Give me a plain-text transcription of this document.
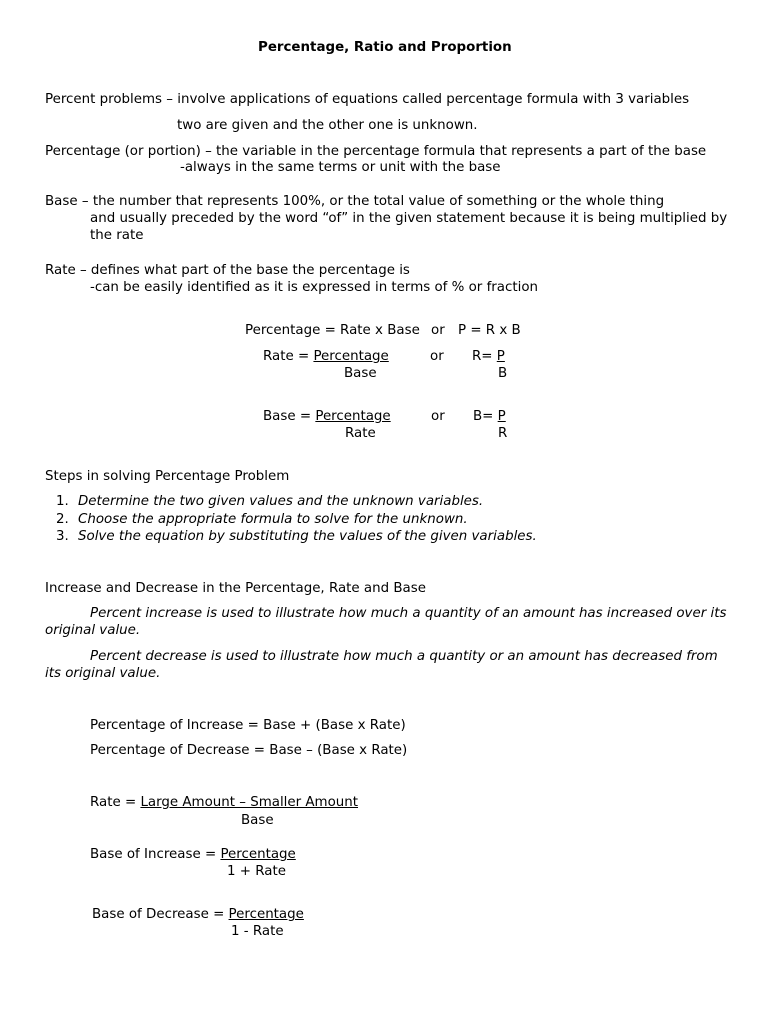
Percentage, Ratio and Proportion
Percent problems – involve applications of equations called percentage formula with 3 variables
two are given and the other one is unknown.
Percentage (or portion) – the variable in the percentage formula that represents a part of the base
-always in the same terms or unit with the base
Base – the number that represents 100%, or the total value of something or the whole thing
and usually preceded by the word “of” in the given statement because it is being multiplied by
the rate
Rate – defines what part of the base the percentage is
-can be easily identified as it is expressed in terms of % or fraction
Percentage = Rate x Base or P = R x B
Rate = Percentage
Base
or R= P
B
Base = Percentage
Rate
or B= P
R
Steps in solving Percentage Problem
1. Determine the two given values and the unknown variables.
2. Choose the appropriate formula to solve for the unknown.
3. Solve the equation by substituting the values of the given variables.
Increase and Decrease in the Percentage, Rate and Base
Percent increase is used to illustrate how much a quantity of an amount has increased over its
original value.
Percent decrease is used to illustrate how much a quantity or an amount has decreased from
its original value.
Percentage of Increase = Base + (Base x Rate)
Percentage of Decrease = Base – (Base x Rate)
Rate = Large Amount – Smaller Amount
Base
Base of Increase = Percentage
1 + Rate
Base of Decrease = Percentage
1 - Rate
